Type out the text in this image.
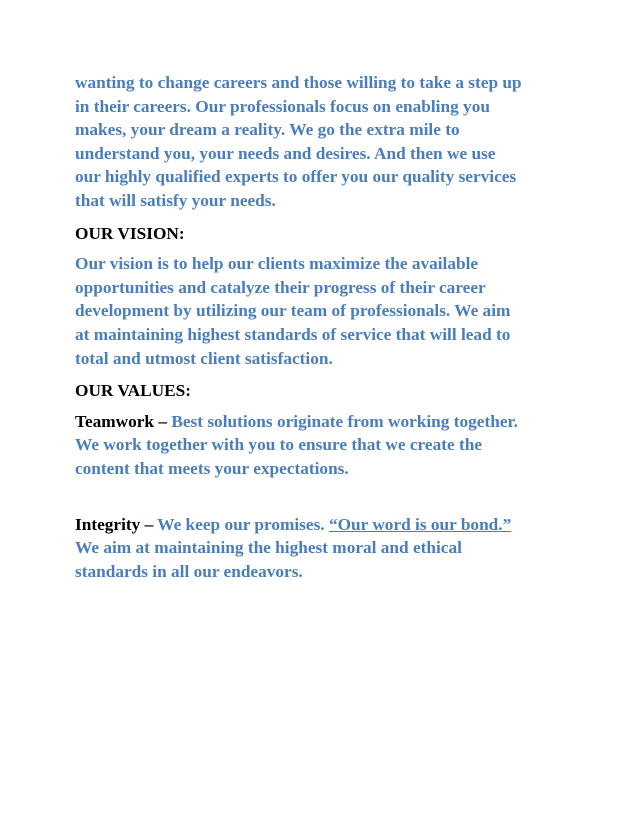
wanting to change careers and those willing to take a step up
in their careers. Our professionals focus on enabling you
makes, your dream a reality. We go the extra mile to
understand you, your needs and desires. And then we use
our highly qualified experts to offer you our quality services
that will satisfy your needs.

OUR VISION:

Our vision is to help our clients maximize the available
opportunities and catalyze their progress of their career
development by utilizing our team of professionals. We aim
at maintaining highest standards of service that will lead to
total and utmost client satisfaction.

OUR VALUES:

Teamwork – Best solutions originate from working together.
We work together with you to ensure that we create the
content that meets your expectations.

Integrity – We keep our promises. “Our word is our bond.”
We aim at maintaining the highest moral and ethical
standards in all our endeavors.
